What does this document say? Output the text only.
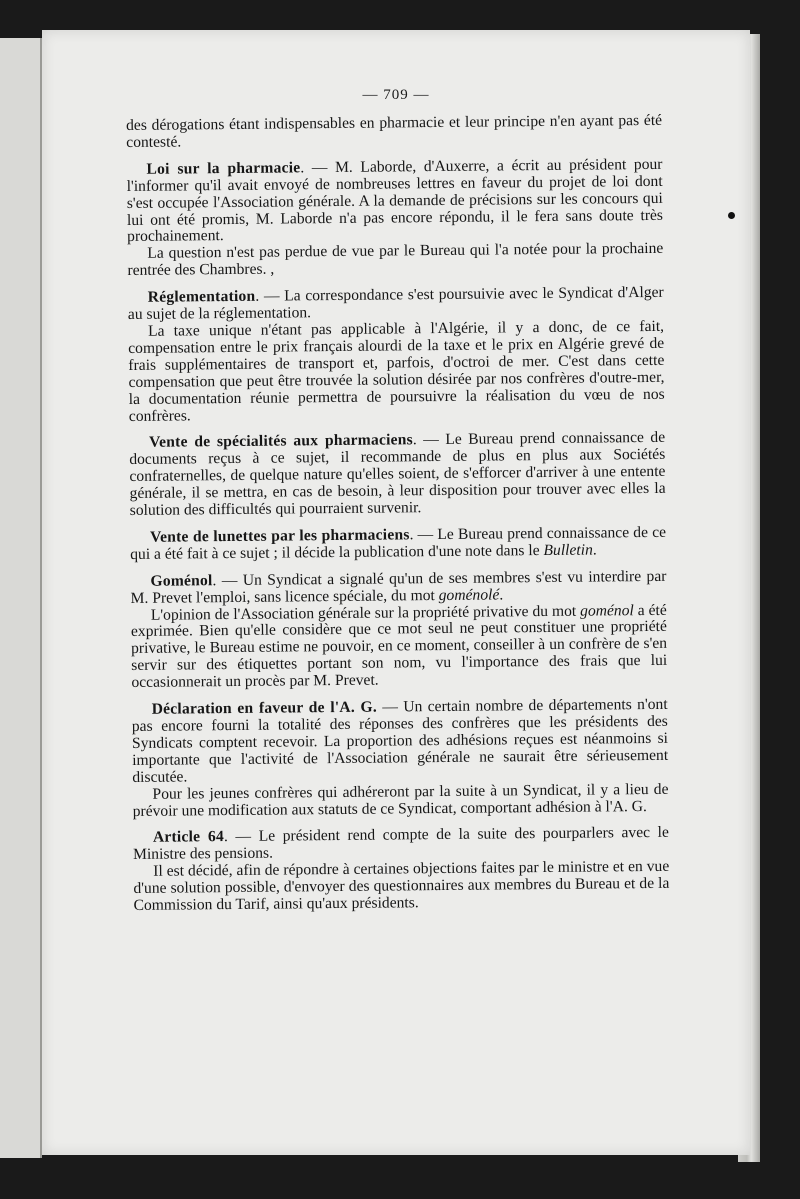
— 709 —

des dérogations étant indispensables en pharmacie et leur principe n'en ayant pas été contesté.

Loi sur la pharmacie. — M. Laborde, d'Auxerre, a écrit au président pour l'informer qu'il avait envoyé de nombreuses lettres en faveur du projet de loi dont s'est occupée l'Association générale. A la demande de précisions sur les concours qui lui ont été promis, M. Laborde n'a pas encore répondu, il le fera sans doute très prochainement.

La question n'est pas perdue de vue par le Bureau qui l'a notée pour la prochaine rentrée des Chambres. ,

Réglementation. — La correspondance s'est poursuivie avec le Syndicat d'Alger au sujet de la réglementation.

La taxe unique n'étant pas applicable à l'Algérie, il y a donc, de ce fait, compensation entre le prix français alourdi de la taxe et le prix en Algérie grevé de frais supplémentaires de transport et, parfois, d'octroi de mer. C'est dans cette compensation que peut être trouvée la solution désirée par nos confrères d'outre-mer, la documentation réunie permettra de poursuivre la réalisation du vœu de nos confrères.

Vente de spécialités aux pharmaciens. — Le Bureau prend connaissance de documents reçus à ce sujet, il recommande de plus en plus aux Sociétés confraternelles, de quelque nature qu'elles soient, de s'efforcer d'arriver à une entente générale, il se mettra, en cas de besoin, à leur disposition pour trouver avec elles la solution des difficultés qui pourraient survenir.

Vente de lunettes par les pharmaciens. — Le Bureau prend connaissance de ce qui a été fait à ce sujet ; il décide la publication d'une note dans le Bulletin.

Goménol. — Un Syndicat a signalé qu'un de ses membres s'est vu interdire par M. Prevet l'emploi, sans licence spéciale, du mot goménolé.

L'opinion de l'Association générale sur la propriété privative du mot goménol a été exprimée. Bien qu'elle considère que ce mot seul ne peut constituer une propriété privative, le Bureau estime ne pouvoir, en ce moment, conseiller à un confrère de s'en servir sur des étiquettes portant son nom, vu l'importance des frais que lui occasionnerait un procès par M. Prevet.

Déclaration en faveur de l'A. G. — Un certain nombre de départements n'ont pas encore fourni la totalité des réponses des confrères que les présidents des Syndicats comptent recevoir. La proportion des adhésions reçues est néanmoins si importante que l'activité de l'Association générale ne saurait être sérieusement discutée.

Pour les jeunes confrères qui adhéreront par la suite à un Syndicat, il y a lieu de prévoir une modification aux statuts de ce Syndicat, comportant adhésion à l'A. G.

Article 64. — Le président rend compte de la suite des pourparlers avec le Ministre des pensions.

Il est décidé, afin de répondre à certaines objections faites par le ministre et en vue d'une solution possible, d'envoyer des questionnaires aux membres du Bureau et de la Commission du Tarif, ainsi qu'aux présidents.
